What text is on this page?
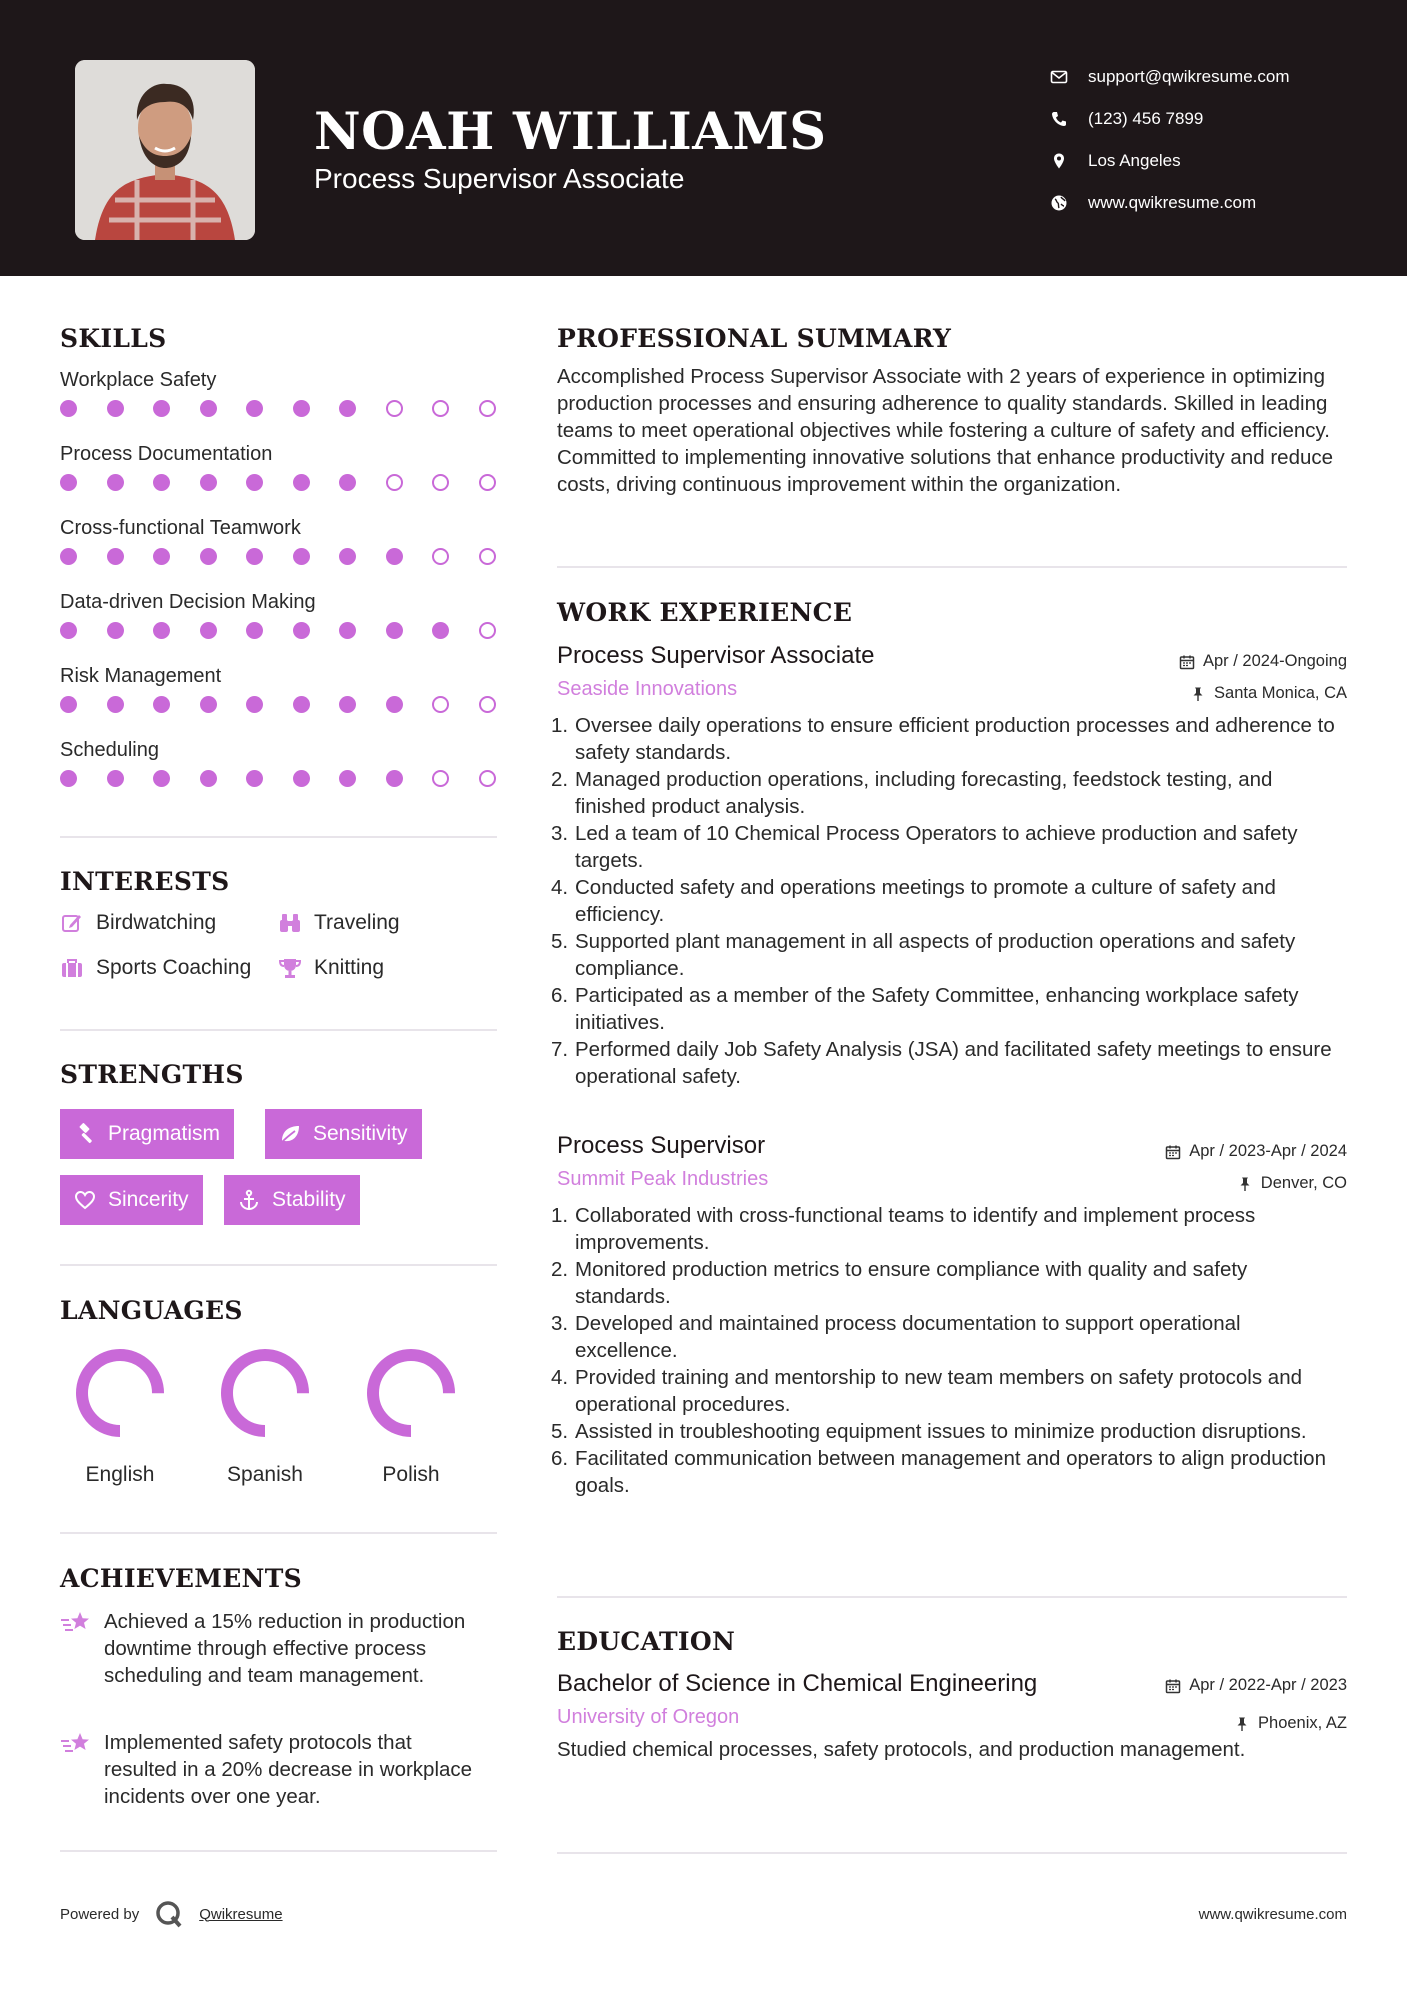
NOAH WILLIAMS
Process Supervisor Associate
support@qwikresume.com
(123) 456 7899
Los Angeles
www.qwikresume.com
SKILLS
Workplace Safety
Process Documentation
Cross-functional Teamwork
Data-driven Decision Making
Risk Management
Scheduling
INTERESTS
Birdwatching	Traveling
Sports Coaching	Knitting
STRENGTHS
Pragmatism	Sensitivity
Sincerity	Stability
LANGUAGES
English	Spanish	Polish
ACHIEVEMENTS
Achieved a 15% reduction in production downtime through effective process scheduling and team management.
Implemented safety protocols that resulted in a 20% decrease in workplace incidents over one year.
PROFESSIONAL SUMMARY
Accomplished Process Supervisor Associate with 2 years of experience in optimizing production processes and ensuring adherence to quality standards. Skilled in leading teams to meet operational objectives while fostering a culture of safety and efficiency. Committed to implementing innovative solutions that enhance productivity and reduce costs, driving continuous improvement within the organization.
WORK EXPERIENCE
Process Supervisor Associate	Apr / 2024-Ongoing
Seaside Innovations	Santa Monica, CA
1. Oversee daily operations to ensure efficient production processes and adherence to safety standards.
2. Managed production operations, including forecasting, feedstock testing, and finished product analysis.
3. Led a team of 10 Chemical Process Operators to achieve production and safety targets.
4. Conducted safety and operations meetings to promote a culture of safety and efficiency.
5. Supported plant management in all aspects of production operations and safety compliance.
6. Participated as a member of the Safety Committee, enhancing workplace safety initiatives.
7. Performed daily Job Safety Analysis (JSA) and facilitated safety meetings to ensure operational safety.
Process Supervisor	Apr / 2023-Apr / 2024
Summit Peak Industries	Denver, CO
1. Collaborated with cross-functional teams to identify and implement process improvements.
2. Monitored production metrics to ensure compliance with quality and safety standards.
3. Developed and maintained process documentation to support operational excellence.
4. Provided training and mentorship to new team members on safety protocols and operational procedures.
5. Assisted in troubleshooting equipment issues to minimize production disruptions.
6. Facilitated communication between management and operators to align production goals.
EDUCATION
Bachelor of Science in Chemical Engineering	Apr / 2022-Apr / 2023
University of Oregon	Phoenix, AZ
Studied chemical processes, safety protocols, and production management.
Powered by	Qwikresume	www.qwikresume.com
